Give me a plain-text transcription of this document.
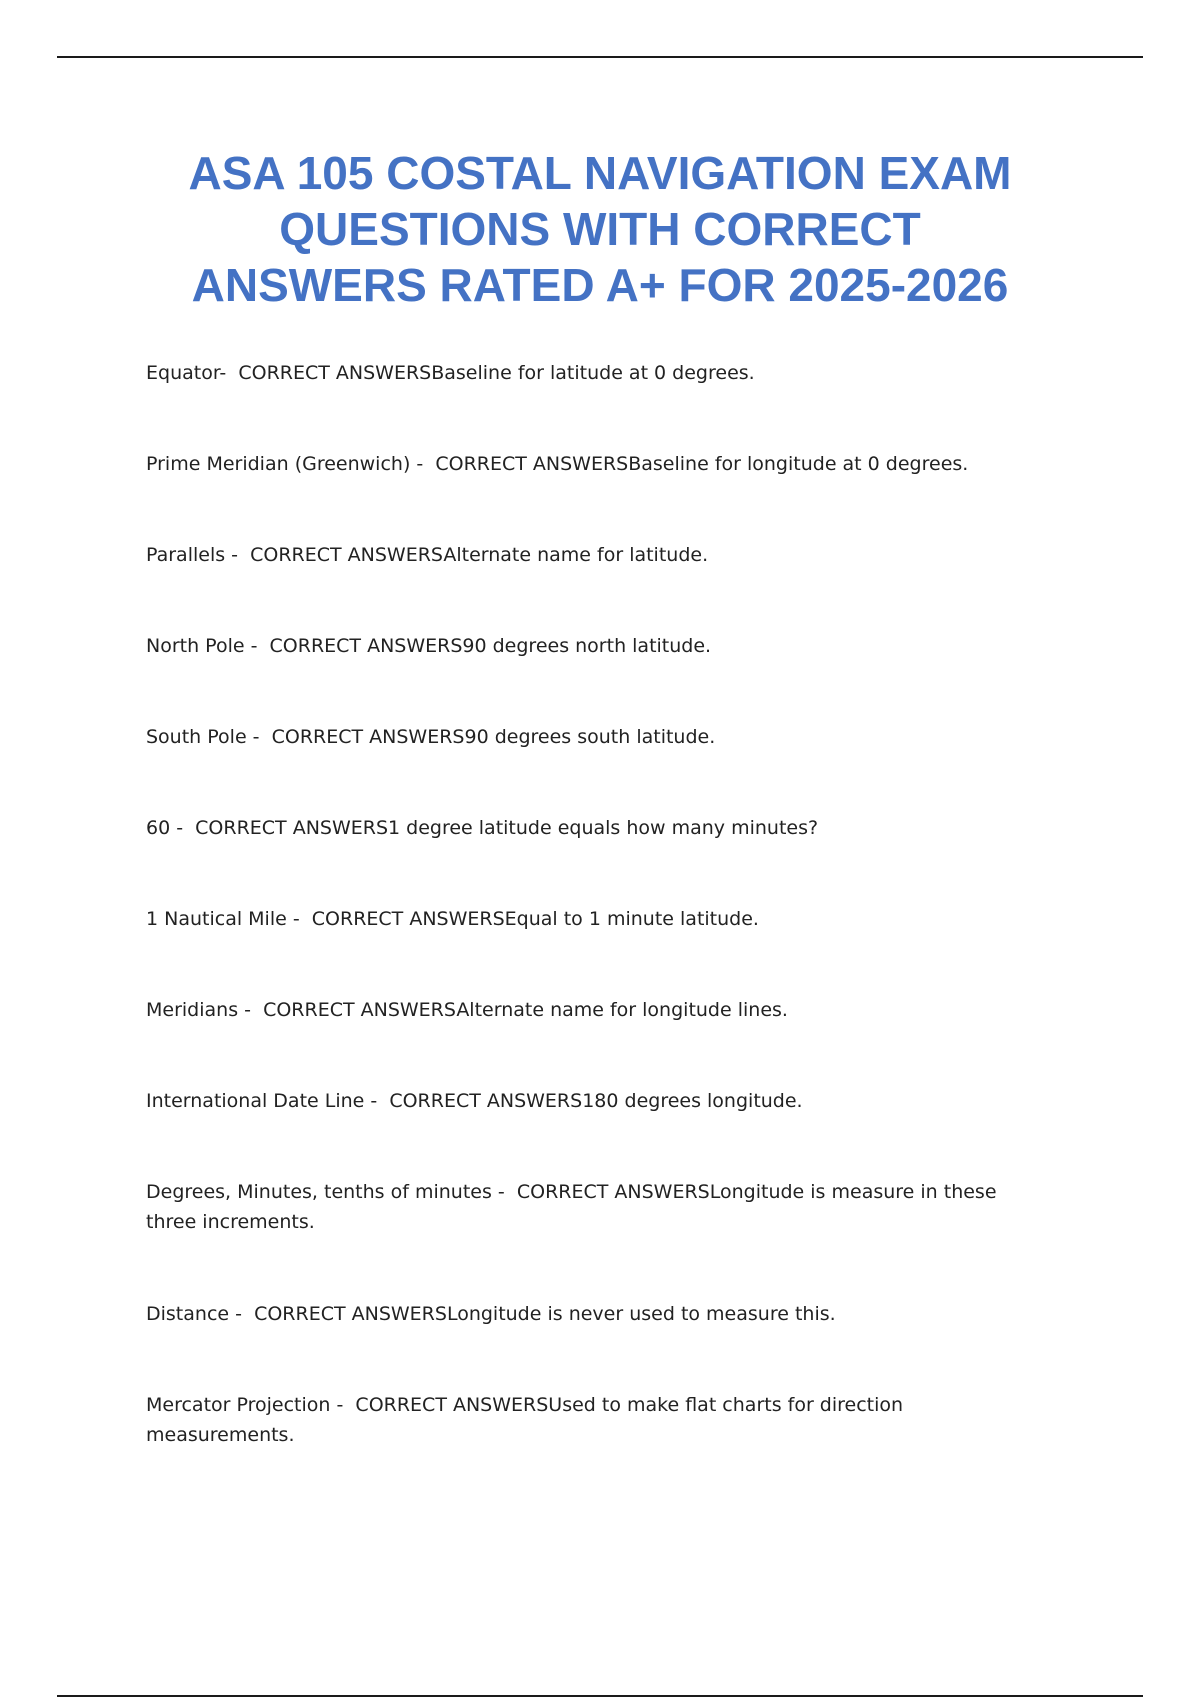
ASA 105 COSTAL NAVIGATION EXAM
QUESTIONS WITH CORRECT
ANSWERS RATED A+ FOR 2025-2026
Equator-  CORRECT ANSWERSBaseline for latitude at 0 degrees.
Prime Meridian (Greenwich) -  CORRECT ANSWERSBaseline for longitude at 0 degrees.
Parallels -  CORRECT ANSWERSAlternate name for latitude.
North Pole -  CORRECT ANSWERS90 degrees north latitude.
South Pole -  CORRECT ANSWERS90 degrees south latitude.
60 -  CORRECT ANSWERS1 degree latitude equals how many minutes?
1 Nautical Mile -  CORRECT ANSWERSEqual to 1 minute latitude.
Meridians -  CORRECT ANSWERSAlternate name for longitude lines.
International Date Line -  CORRECT ANSWERS180 degrees longitude.
Degrees, Minutes, tenths of minutes -  CORRECT ANSWERSLongitude is measure in these three increments.
Distance -  CORRECT ANSWERSLongitude is never used to measure this.
Mercator Projection -  CORRECT ANSWERSUsed to make flat charts for direction measurements.
